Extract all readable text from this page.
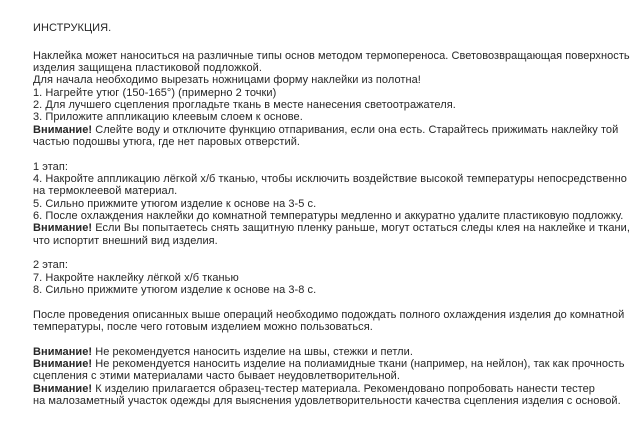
ИНСТРУКЦИЯ.
Наклейка может наноситься на различные типы основ методом термопереноса. Световозвращающая поверхность
изделия защищена пластиковой подложкой.
Для начала необходимо вырезать ножницами форму наклейки из полотна!
1. Нагрейте утюг (150-165°) (примерно 2 точки)
2. Для лучшего сцепления прогладьте ткань в месте нанесения светоотражателя.
3. Приложите аппликацию клеевым слоем к основе.
Внимание! Слейте воду и отключите функцию отпаривания, если она есть. Старайтесь прижимать наклейку той
частью подошвы утюга, где нет паровых отверстий.
1 этап:
4. Накройте аппликацию лёгкой х/б тканью, чтобы исключить воздействие высокой температуры непосредственно
на термоклеевой материал.
5. Сильно прижмите утюгом изделие к основе на 3-5 с.
6. После охлаждения наклейки до комнатной температуры медленно и аккуратно удалите пластиковую подложку.
Внимание! Если Вы попытаетесь снять защитную пленку раньше, могут остаться следы клея на наклейке и ткани,
что испортит внешний вид изделия.
2 этап:
7. Накройте наклейку лёгкой х/б тканью
8. Сильно прижмите утюгом изделие к основе на 3-8 с.
После проведения описанных выше операций необходимо подождать полного охлаждения изделия до комнатной
температуры, после чего готовым изделием можно пользоваться.
Внимание! Не рекомендуется наносить изделие на швы, стежки и петли.
Внимание! Не рекомендуется наносить изделие на полиамидные ткани (например, на нейлон), так как прочность
сцепления с этими материалами часто бывает неудовлетворительной.
Внимание! К изделию прилагается образец-тестер материала. Рекомендовано попробовать нанести тестер
на малозаметный участок одежды для выяснения удовлетворительности качества сцепления изделия с основой.
